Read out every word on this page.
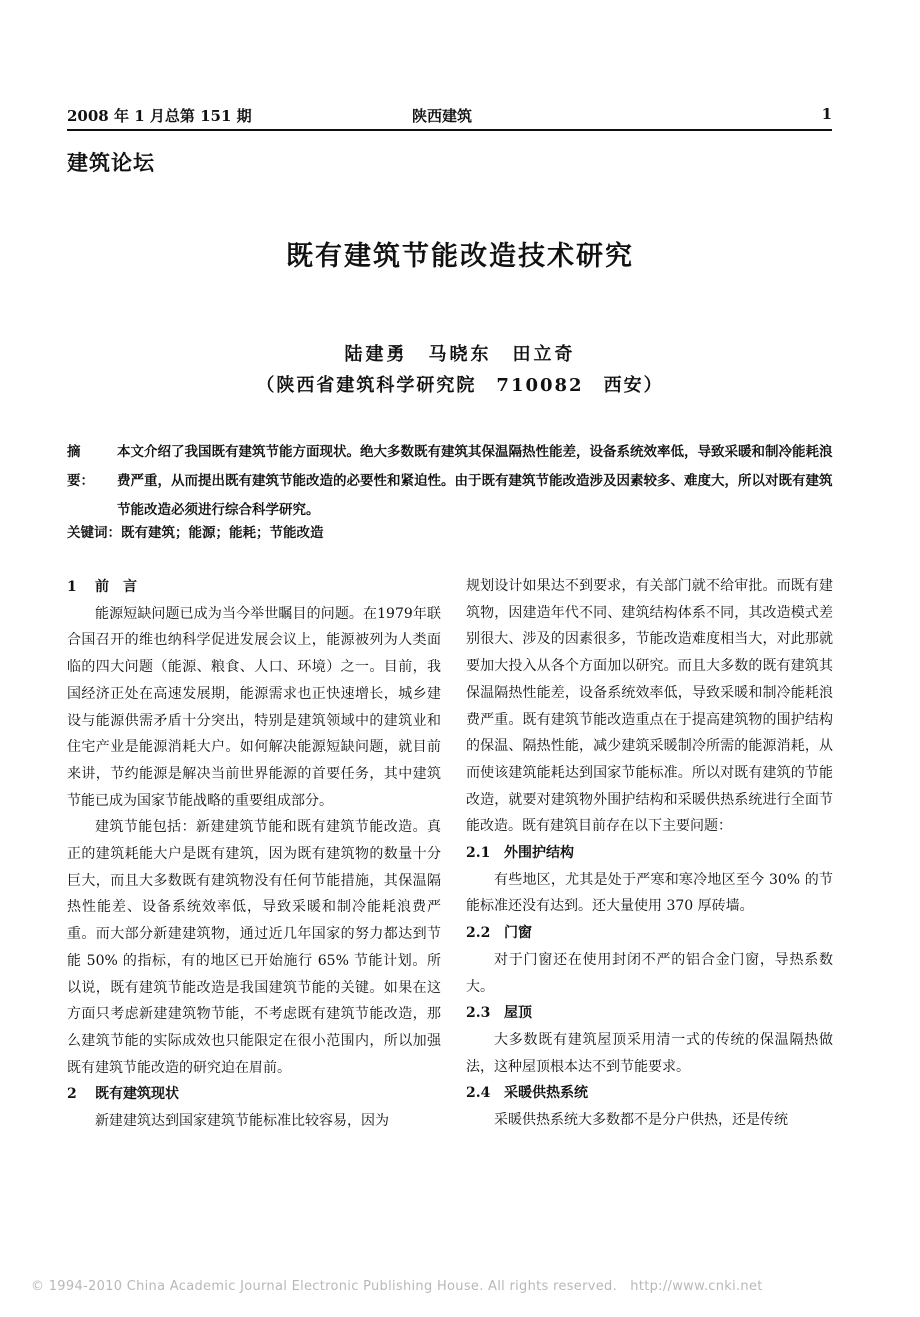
2008 年 1 月总第 151 期	陕西建筑	1
建筑论坛
既有建筑节能改造技术研究
陆建勇　马晓东　田立奇
（陕西省建筑科学研究院　710082　西安）
摘　要：
本文介绍了我国既有建筑节能方面现状。绝大多数既有建筑其保温隔热性能差，设备系统效率低，导致采暖和制冷能耗浪费严重，从而提出既有建筑节能改造的必要性和紧迫性。由于既有建筑节能改造涉及因素较多、难度大，所以对既有建筑节能改造必须进行综合科学研究。
关键词：既有建筑；能源；能耗；节能改造
1 前　言

能源短缺问题已成为当今举世瞩目的问题。在1979年联合国召开的维也纳科学促进发展会议上，能源被列为人类面临的四大问题（能源、粮食、人口、环境）之一。目前，我国经济正处在高速发展期，能源需求也正快速增长，城乡建设与能源供需矛盾十分突出，特别是建筑领域中的建筑业和住宅产业是能源消耗大户。如何解决能源短缺问题，就目前来讲，节约能源是解决当前世界能源的首要任务，其中建筑节能已成为国家节能战略的重要组成部分。

建筑节能包括：新建建筑节能和既有建筑节能改造。真正的建筑耗能大户是既有建筑，因为既有建筑物的数量十分巨大，而且大多数既有建筑物没有任何节能措施，其保温隔热性能差、设备系统效率低，导致采暖和制冷能耗浪费严重。而大部分新建建筑物，通过近几年国家的努力都达到节能 50% 的指标，有的地区已开始施行 65% 节能计划。所以说，既有建筑节能改造是我国建筑节能的关键。如果在这方面只考虑新建建筑物节能，不考虑既有建筑节能改造，那么建筑节能的实际成效也只能限定在很小范围内，所以加强既有建筑节能改造的研究迫在眉前。

2 既有建筑现状

新建建筑达到国家建筑节能标准比较容易，因为

规划设计如果达不到要求，有关部门就不给审批。而既有建筑物，因建造年代不同、建筑结构体系不同，其改造模式差别很大、涉及的因素很多，节能改造难度相当大，对此那就要加大投入从各个方面加以研究。而且大多数的既有建筑其保温隔热性能差，设备系统效率低，导致采暖和制冷能耗浪费严重。既有建筑节能改造重点在于提高建筑物的围护结构的保温、隔热性能，减少建筑采暖制冷所需的能源消耗，从而使该建筑能耗达到国家节能标准。所以对既有建筑的节能改造，就要对建筑物外围护结构和采暖供热系统进行全面节能改造。既有建筑目前存在以下主要问题：

2.1 外围护结构

有些地区，尤其是处于严寒和寒冷地区至今 30% 的节能标准还没有达到。还大量使用 370 厚砖墙。

2.2 门窗

对于门窗还在使用封闭不严的铝合金门窗，导热系数大。

2.3 屋顶

大多数既有建筑屋顶采用清一式的传统的保温隔热做法，这种屋顶根本达不到节能要求。

2.4 采暖供热系统

采暖供热系统大多数都不是分户供热，还是传统

© 1994-2010 China Academic Journal Electronic Publishing House. All rights reserved.　http://www.cnki.net
